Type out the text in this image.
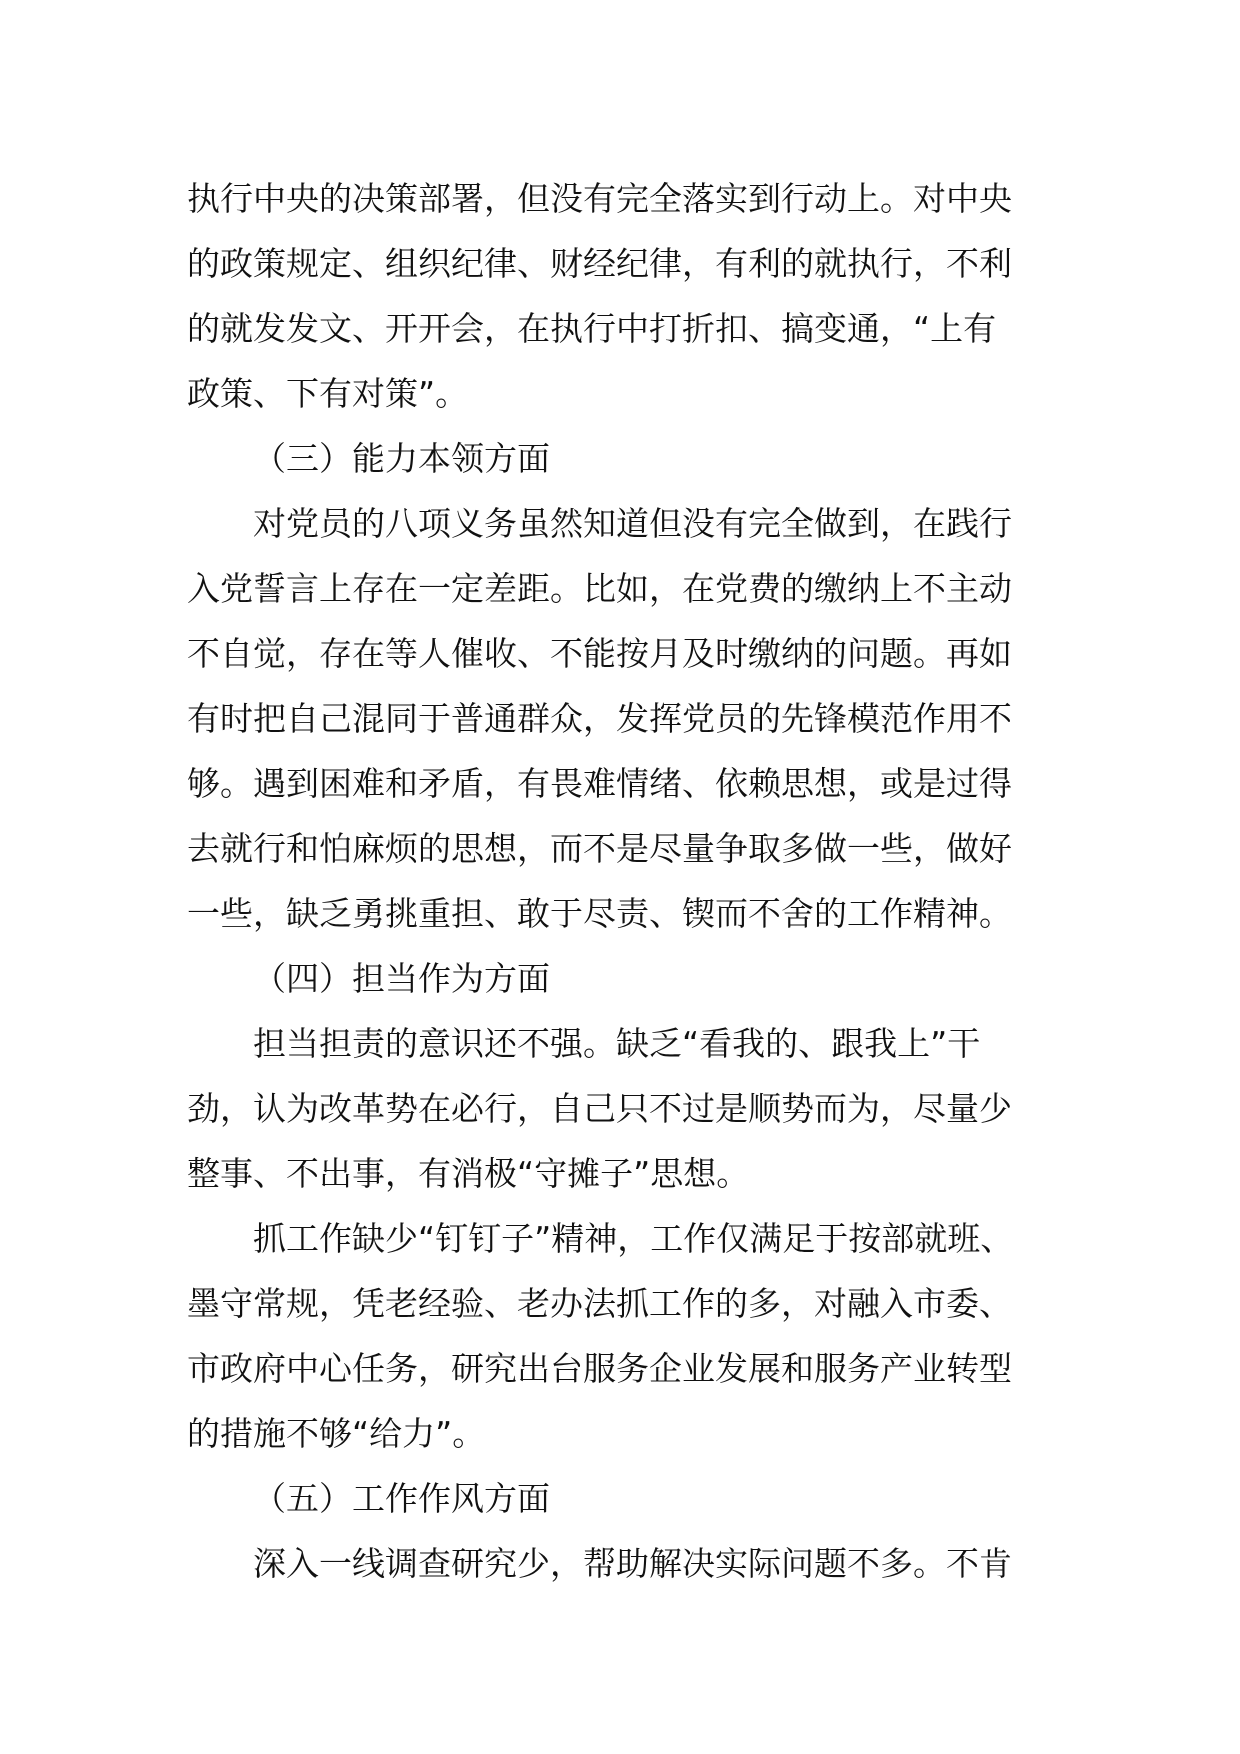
执行中央的决策部署，但没有完全落实到行动上。对中央
的政策规定、组织纪律、财经纪律，有利的就执行，不利
的就发发文、开开会，在执行中打折扣、搞变通，“上有
政策、下有对策”。
（三）能力本领方面
对党员的八项义务虽然知道但没有完全做到，在践行
入党誓言上存在一定差距。比如，在党费的缴纳上不主动
不自觉，存在等人催收、不能按月及时缴纳的问题。再如
有时把自己混同于普通群众，发挥党员的先锋模范作用不
够。遇到困难和矛盾，有畏难情绪、依赖思想，或是过得
去就行和怕麻烦的思想，而不是尽量争取多做一些，做好
一些，缺乏勇挑重担、敢于尽责、锲而不舍的工作精神。
（四）担当作为方面
担当担责的意识还不强。缺乏“看我的、跟我上”干
劲，认为改革势在必行，自己只不过是顺势而为，尽量少
整事、不出事，有消极“守摊子”思想。
抓工作缺少“钉钉子”精神，工作仅满足于按部就班、
墨守常规，凭老经验、老办法抓工作的多，对融入市委、
市政府中心任务，研究出台服务企业发展和服务产业转型
的措施不够“给力”。
（五）工作作风方面
深入一线调查研究少，帮助解决实际问题不多。不肯
